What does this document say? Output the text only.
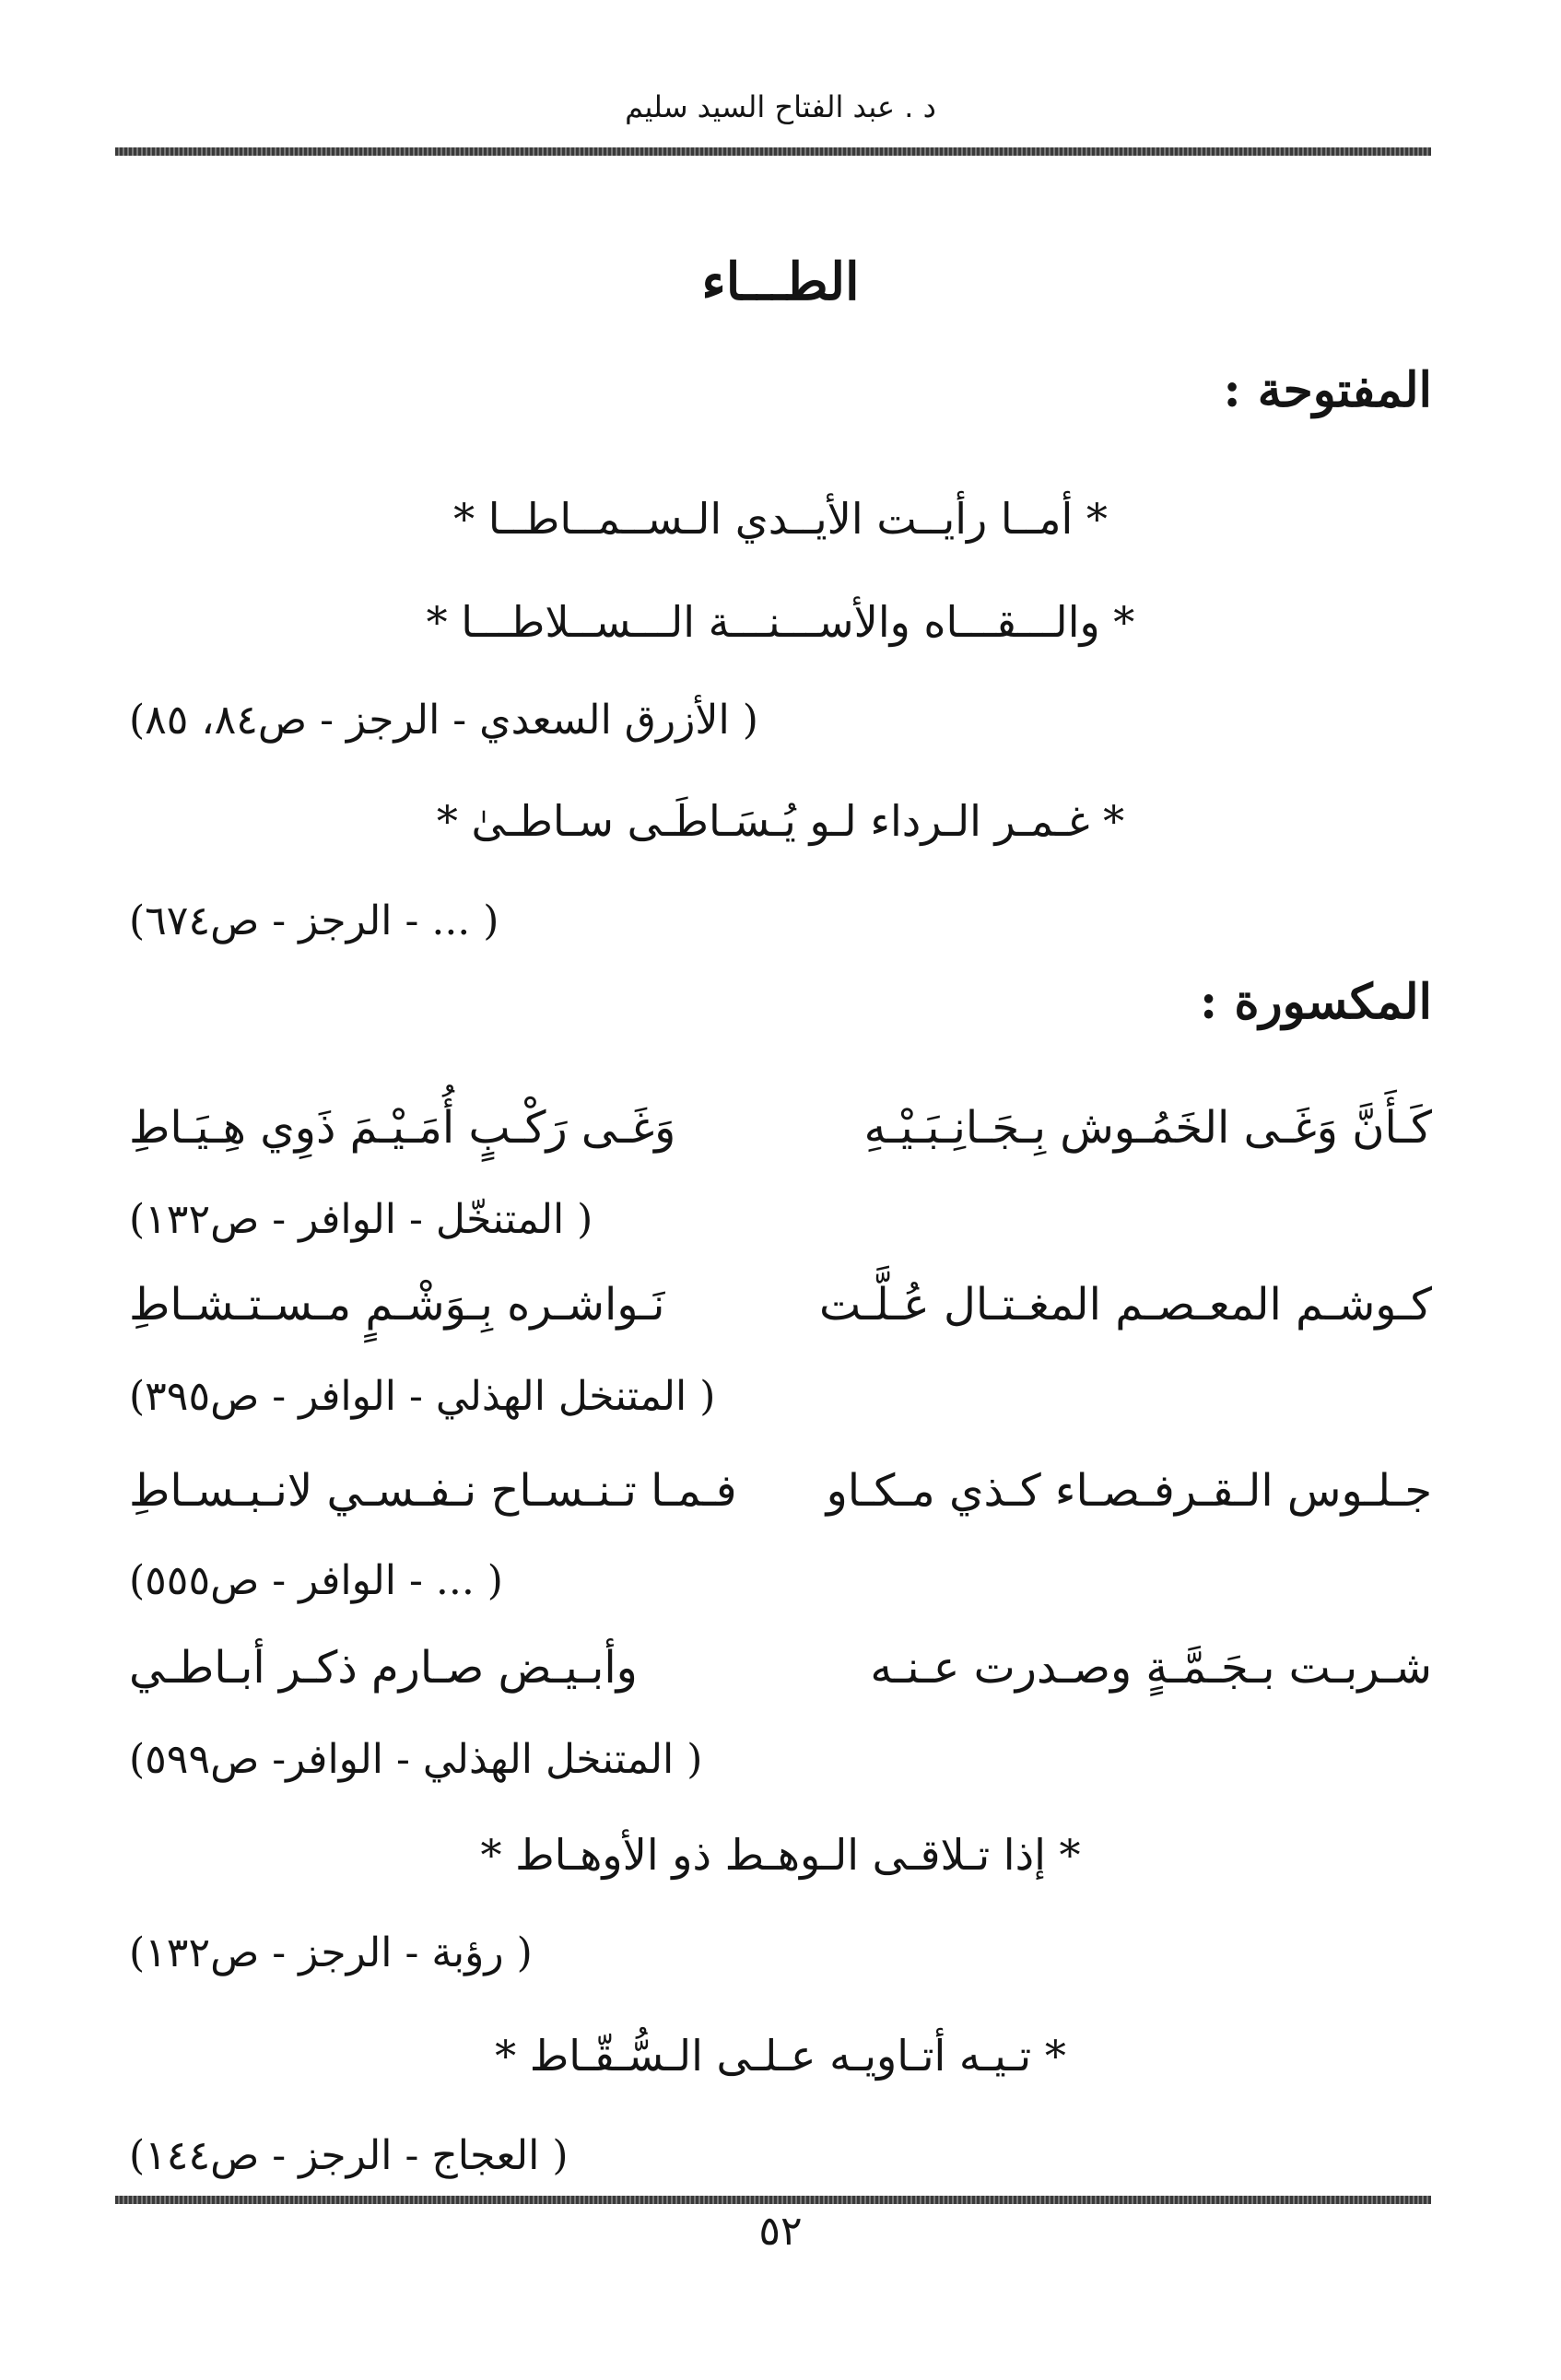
د . عبد الفتاح السيد سليم
الطـــاء
المفتوحة :
* أمــا رأيــت الأيــدي الـســمــاطــا *
* والـــقـــاه والأســـنـــة الـــســلاطـــا *
( الأزرق السعدي - الرجز - ص٨٤، ٨٥)
* غـمـر الـرداء لـو يُـسَـاطَـى سـاطـىٰ *
( ... - الرجز - ص٦٧٤)
المكسورة :
كَـأَنَّ وَغَـى الخَمُـوش بِـجَـانِـبَـيْـهِ
وَغَـى رَكْـبٍ أُمَـيْـمَ ذَوِي هِـيَـاطِ
( المتنخّل - الوافر - ص١٣٢)
كـوشـم المعـصـم المغـتـال عُـلَّـت
نَـواشـره بِـوَشْـمٍ مـسـتـشـاطِ
( المتنخل الهذلي - الوافر - ص٣٩٥)
جـلـوس الـقـرفـصـاء كـذي مـكـاو
فـمـا تـنـسـاح نـفـسـي لانـبـسـاطِ
( ... - الوافر - ص٥٥٥)
شـربـت بـجَـمَّـةٍ وصـدرت عـنـه
وأبـيـض صـارم ذكـر أبـاطـي
( المتنخل الهذلي - الوافر- ص٥٩٩)
* إذا تـلاقـى الـوهـط ذو الأوهـاط *
( رؤبة - الرجز - ص١٣٢)
* تـيـه أتـاويـه عـلـى الـسُّـقّـاط *
( العجاج - الرجز - ص١٤٤)
٥٢
